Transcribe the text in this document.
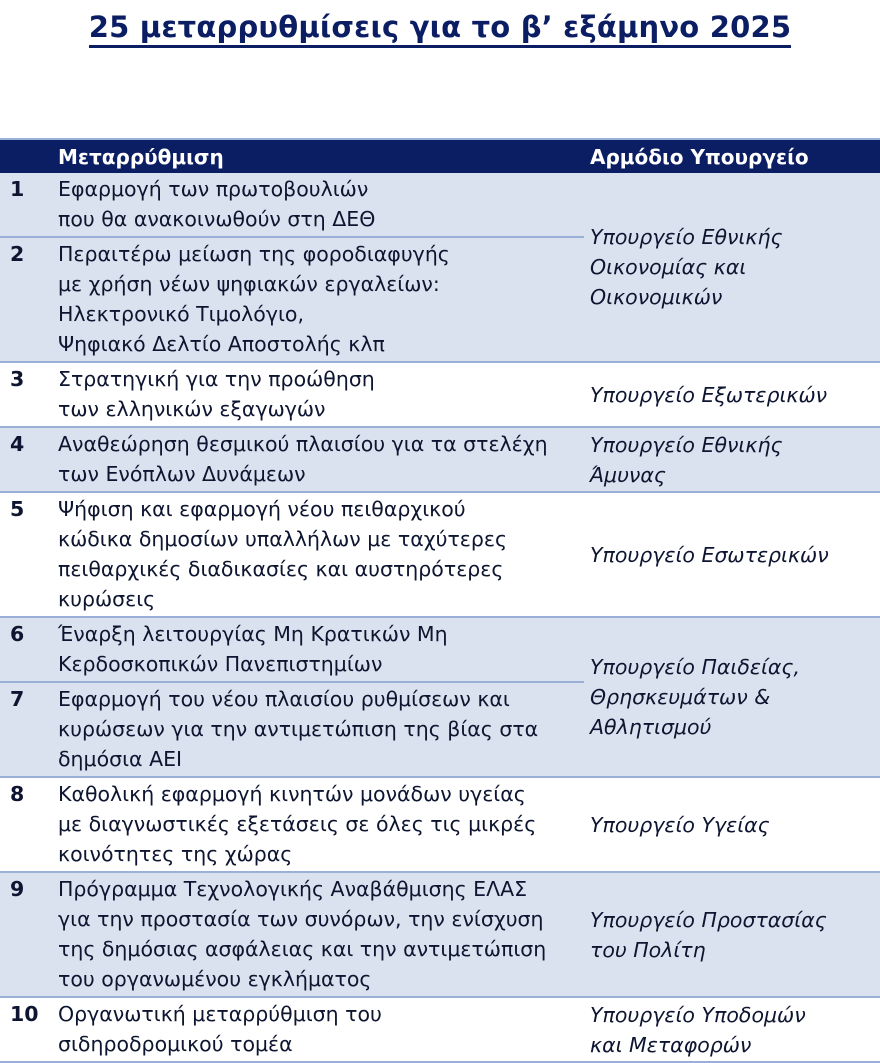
25 μεταρρυθμίσεις για το β’ εξάμηνο 2025
	Μεταρρύθμιση	Αρμόδιο Υπουργείο
1	Εφαρμογή των πρωτοβουλιών
που θα ανακοινωθούν στη ΔΕΘ	Υπουργείο Εθνικής
Οικονομίας και
Οικονομικών

2	Περαιτέρω μείωση της φοροδιαφυγής
με χρήση νέων ψηφιακών εργαλείων:
Ηλεκτρονικό Τιμολόγιο,
Ψηφιακό Δελτίο Αποστολής κλπ	

3	Στρατηγική για την προώθηση
των ελληνικών εξαγωγών	Υπουργείο Εξωτερικών

4	Αναθεώρηση θεσμικού πλαισίου για τα στελέχη
των Ενόπλων Δυνάμεων	Υπουργείο Εθνικής
Άμυνας

5	Ψήφιση και εφαρμογή νέου πειθαρχικού
κώδικα δημοσίων υπαλλήλων με ταχύτερες
πειθαρχικές διαδικασίες και αυστηρότερες
κυρώσεις	Υπουργείο Εσωτερικών

6	Έναρξη λειτουργίας Μη Κρατικών Μη
Κερδοσκοπικών Πανεπιστημίων	Υπουργείο Παιδείας,
Θρησκευμάτων &
Αθλητισμού

7	Εφαρμογή του νέου πλαισίου ρυθμίσεων και
κυρώσεων για την αντιμετώπιση της βίας στα
δημόσια ΑΕΙ	

8	Καθολική εφαρμογή κινητών μονάδων υγείας
με διαγνωστικές εξετάσεις σε όλες τις μικρές
κοινότητες της χώρας	Υπουργείο Υγείας

9	Πρόγραμμα Τεχνολογικής Αναβάθμισης ΕΛΑΣ
για την προστασία των συνόρων, την ενίσχυση
της δημόσιας ασφάλειας και την αντιμετώπιση
του οργανωμένου εγκλήματος	Υπουργείο Προστασίας
του Πολίτη

10	Οργανωτική μεταρρύθμιση του
σιδηροδρομικού τομέα	Υπουργείο Υποδομών
και Μεταφορών
